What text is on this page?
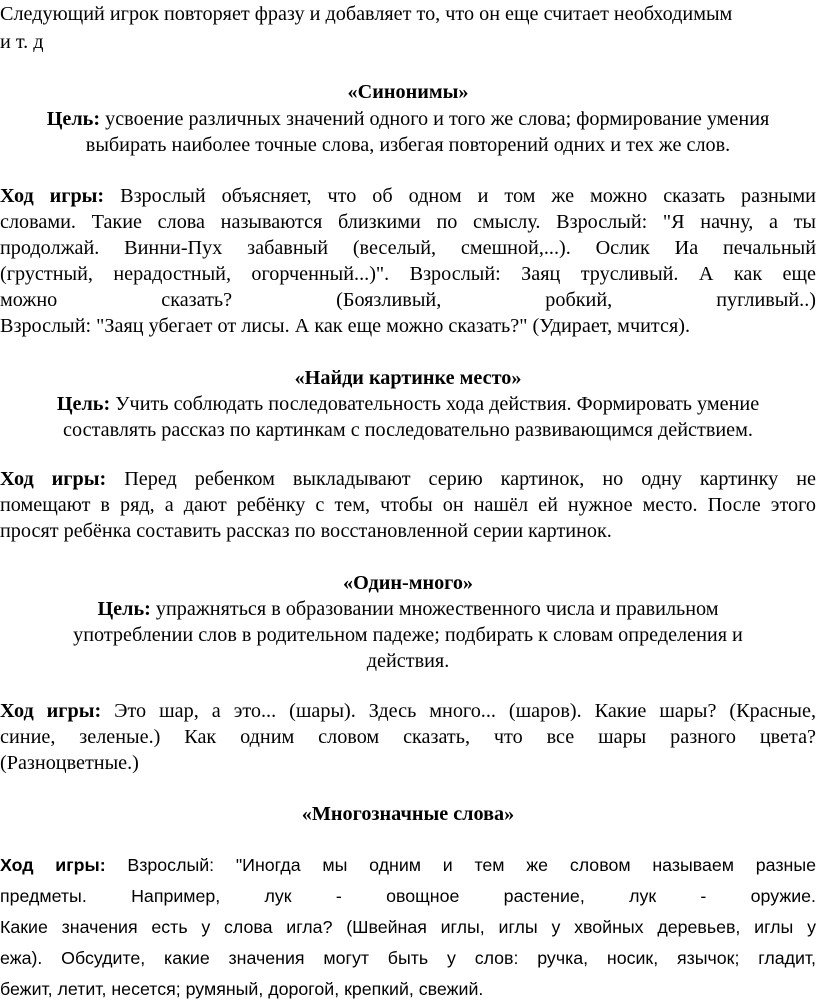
Следующий игрок повторяет фразу и добавляет то, что он еще считает необходимым
и т. д
«Синонимы»
Цель: усвоение различных значений одного и того же слова; формирование умения
выбирать наиболее точные слова, избегая повторений одних и тех же слов.
Ход игры: Взрослый объясняет, что об одном и том же можно сказать разными
словами. Такие слова называются близкими по смыслу. Взрослый: "Я начну, а ты
продолжай. Винни-Пух забавный (веселый, смешной,...). Ослик Иа печальный
(грустный, нерадостный, огорченный...)". Взрослый: Заяц трусливый. А как еще
можно сказать? (Боязливый, робкий, пугливый..)
Взрослый: "Заяц убегает от лисы. А как еще можно сказать?" (Удирает, мчится).
«Найди картинке место»
Цель: Учить соблюдать последовательность хода действия. Формировать умение
составлять рассказ по картинкам с последовательно развивающимся действием.
Ход игры: Перед ребенком выкладывают серию картинок, но одну картинку не
помещают в ряд, а дают ребёнку с тем, чтобы он нашёл ей нужное место. После этого
просят ребёнка составить рассказ по восстановленной серии картинок.
«Один-много»
Цель: упражняться в образовании множественного числа и правильном
употреблении слов в родительном падеже; подбирать к словам определения и
действия.
Ход игры: Это шар, а это... (шары). Здесь много... (шаров). Какие шары? (Красные,
синие, зеленые.) Как одним словом сказать, что все шары разного цвета?
(Разноцветные.)
«Многозначные слова»
Ход игры: Взрослый: "Иногда мы одним и тем же словом называем разные
предметы. Например, лук - овощное растение, лук - оружие.
Какие значения есть у слова игла? (Швейная иглы, иглы у хвойных деревьев, иглы у
ежа). Обсудите, какие значения могут быть у слов: ручка, носик, язычок; гладит,
бежит, летит, несется; румяный, дорогой, крепкий, свежий.
